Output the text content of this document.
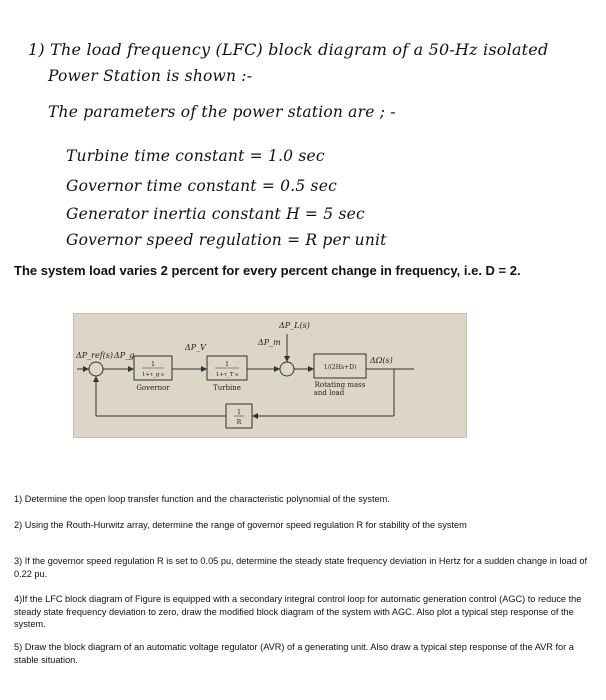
1) The load frequency (LFC) block diagram of a 50-Hz isolated
Power Station is shown :-
The parameters of the power station are ; -
Turbine time constant = 1.0 sec
Governor time constant = 0.5 sec
Generator inertia constant H = 5 sec
Governor speed regulation = R per unit
The system load varies 2 percent for every percent change in frequency, i.e. D = 2.
ΔP_ref(s) ΔP_g
ΔP_V
ΔP_m
ΔP_L(s)
ΔΩ(s)
1
1+τ_g s
1
1+τ_T s
1/(2Hs+D)
1
R
Governor	Turbine	Rotating mass
and load
1) Determine the open loop transfer function and the characteristic polynomial of the system.
2) Using the Routh-Hurwitz array, determine the range of governor speed regulation R for stability of the system
3) If the governor speed regulation R is set to 0.05 pu, determine the steady state frequency deviation in Hertz for a sudden change in load of 0.22 pu.
4)If the LFC block diagram of Figure is equipped with a secondary integral control loop for automatic generation control (AGC) to reduce the steady state frequency deviation to zero, draw the modified block diagram of the system with AGC. Also plot a typical step response of the system.
5) Draw the block diagram of an automatic voltage regulator (AVR) of a generating unit. Also draw a typical step response of the AVR for a stable situation.
